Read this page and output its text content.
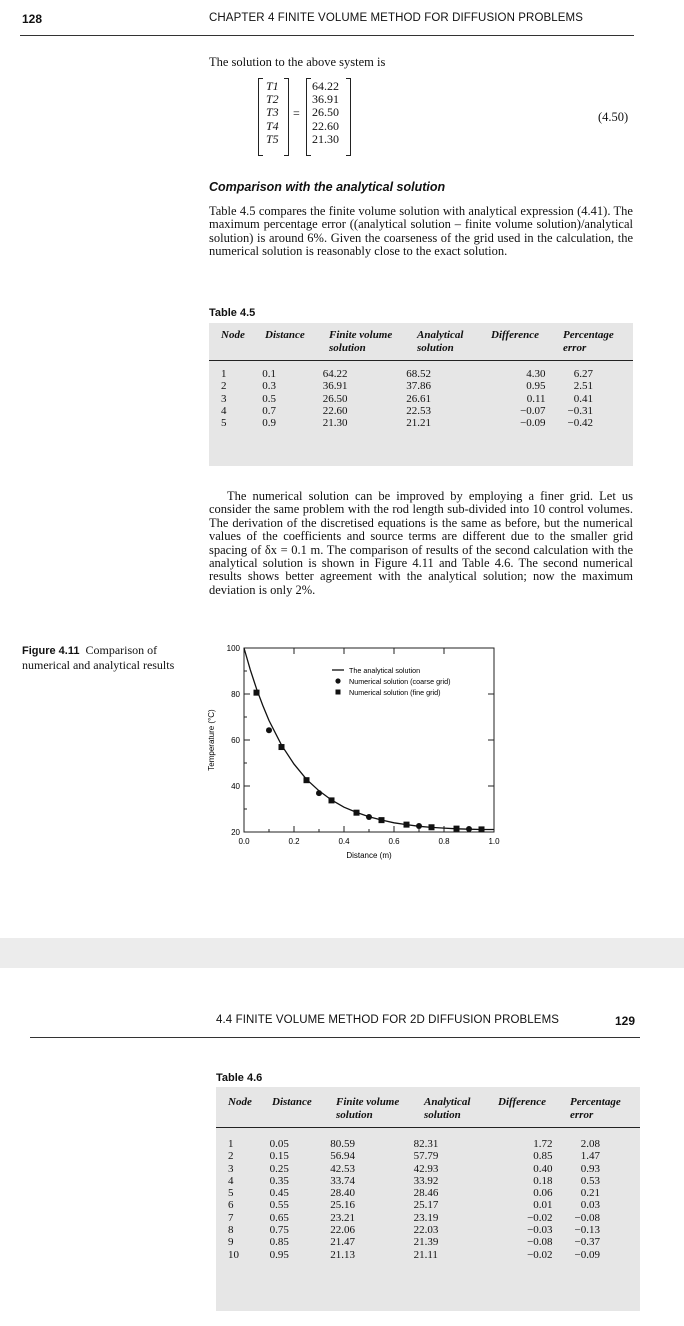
128	CHAPTER 4 FINITE VOLUME METHOD FOR DIFFUSION PROBLEMS
The solution to the above system is
T1
T2
T3
T4
T5
=
64.22
36.91
26.50
22.60
21.30
(4.50)
Comparison with the analytical solution
Table 4.5 compares the finite volume solution with analytical expression (4.41). The maximum percentage error ((analytical solution – finite volume solution)/analytical solution) is around 6%. Given the coarseness of the grid used in the calculation, the numerical solution is reasonably close to the exact solution.
Table 4.5
Node	Distance	Finite volume solution	Analytical solution	Difference	Percentage error
1	0.1	64.22	68.52	4.30	6.27
2	0.3	36.91	37.86	0.95	2.51
3	0.5	26.50	26.61	0.11	0.41
4	0.7	22.60	22.53	−0.07	−0.31
5	0.9	21.30	21.21	−0.09	−0.42
The numerical solution can be improved by employing a finer grid. Let us consider the same problem with the rod length sub-divided into 10 control volumes. The derivation of the discretised equations is the same as before, but the numerical values of the coefficients and source terms are different due to the smaller grid spacing of δx = 0.1 m. The comparison of results of the second calculation with the analytical solution is shown in Figure 4.11 and Table 4.6. The second numerical results shows better agreement with the analytical solution; now the maximum deviation is only 2%.
Figure 4.11 Comparison of numerical and analytical results
0.0	0.2	0.4	0.6	0.8	1.0
20
40
60
80
100
Distance (m)
Temperature (°C)
The analytical solution
Numerical solution (coarse grid)
Numerical solution (fine grid)
4.4 FINITE VOLUME METHOD FOR 2D DIFFUSION PROBLEMS	129
Table 4.6
Node	Distance	Finite volume solution	Analytical solution	Difference	Percentage error
1	0.05	80.59	82.31	1.72	2.08
2	0.15	56.94	57.79	0.85	1.47
3	0.25	42.53	42.93	0.40	0.93
4	0.35	33.74	33.92	0.18	0.53
5	0.45	28.40	28.46	0.06	0.21
6	0.55	25.16	25.17	0.01	0.03
7	0.65	23.21	23.19	−0.02	−0.08
8	0.75	22.06	22.03	−0.03	−0.13
9	0.85	21.47	21.39	−0.08	−0.37
10	0.95	21.13	21.11	−0.02	−0.09
